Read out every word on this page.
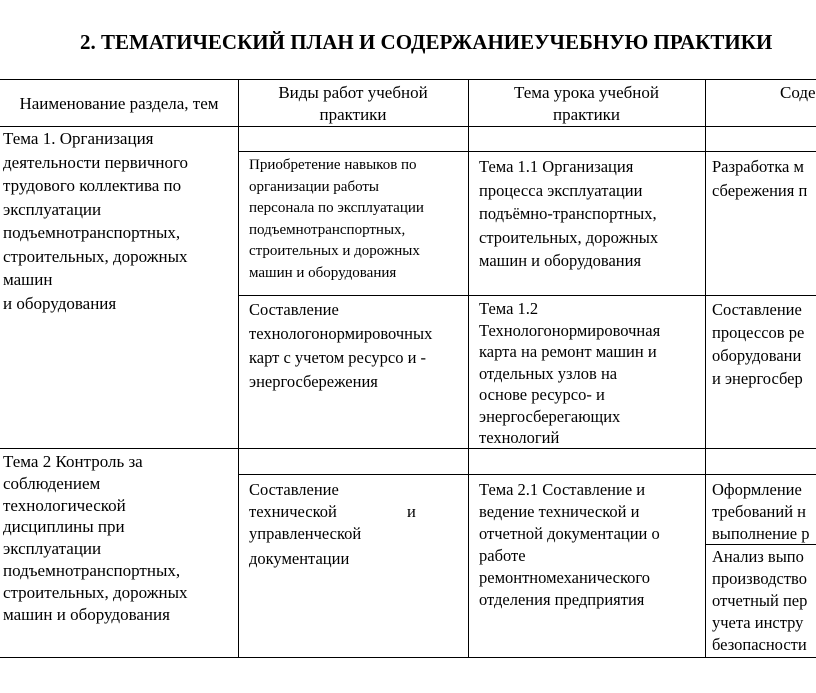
2. ТЕМАТИЧЕСКИЙ ПЛАН И СОДЕРЖАНИЕУЧЕБНУЮ ПРАКТИКИ
Наименование раздела, тем
Виды работ учебной
практики
Тема урока учебной
практики
Соде
Тема 1. Организация
деятельности первичного
трудового коллектива по
эксплуатации
подъемнотранспортных,
строительных, дорожных
машин
и оборудования
Приобретение навыков по
организации работы
персонала по эксплуатации
подъемнотранспортных,
строительных и дорожных
машин и оборудования
Тема 1.1 Организация
процесса эксплуатации
подъёмно-транспортных,
строительных, дорожных
машин и оборудования
Разработка м
сбережения п
Составление
технологонормировочных
карт с учетом ресурсо и -
энергосбережения
Тема 1.2
Технологонормировочная
карта на ремонт машин и
отдельных узлов на
основе ресурсо- и
энергосберегающих
технологий
Составление
процессов ре
оборудовани
и энергосбер
Тема 2 Контроль за
соблюдением
технологической
дисциплины при
эксплуатации
подъемнотранспортных,
строительных, дорожных
машин и оборудования
Составление
технической	и
управленческой
документации
Тема 2.1 Составление и
ведение технической и
отчетной документации о
работе
ремонтномеханического
отделения предприятия
Оформление
требований н
выполнение р
Анализ выпо
производство
отчетный пер
учета инстру
безопасности
